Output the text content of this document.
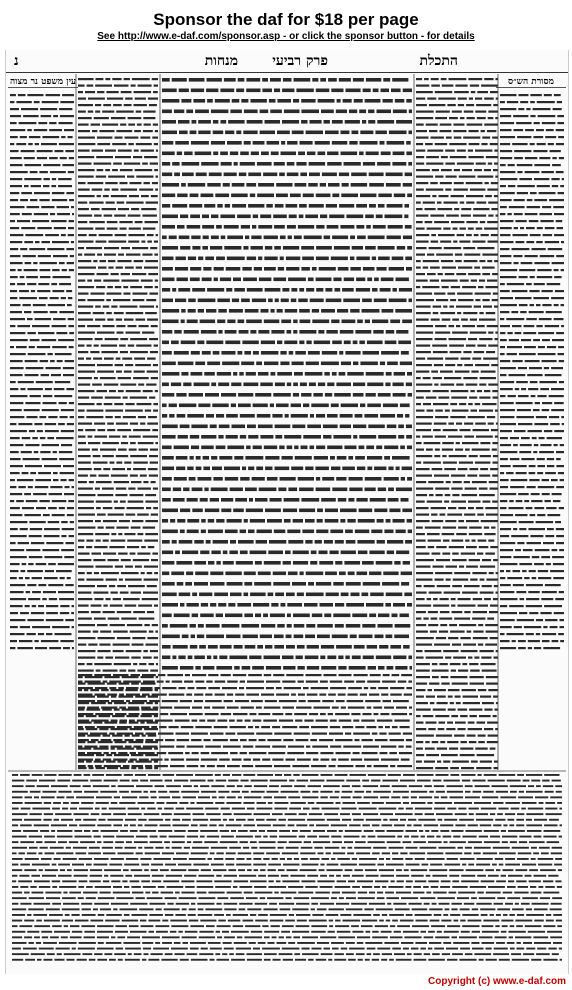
Sponsor the daf for $18 per page
See http://www.e-daf.com/sponsor.asp - or click the sponsor button - for details
התכלת
פרק רביעי
מנחות
נ
מסורת הש״ס
עין משפט נר מצוה
Copyright (c) www.e-daf.com
